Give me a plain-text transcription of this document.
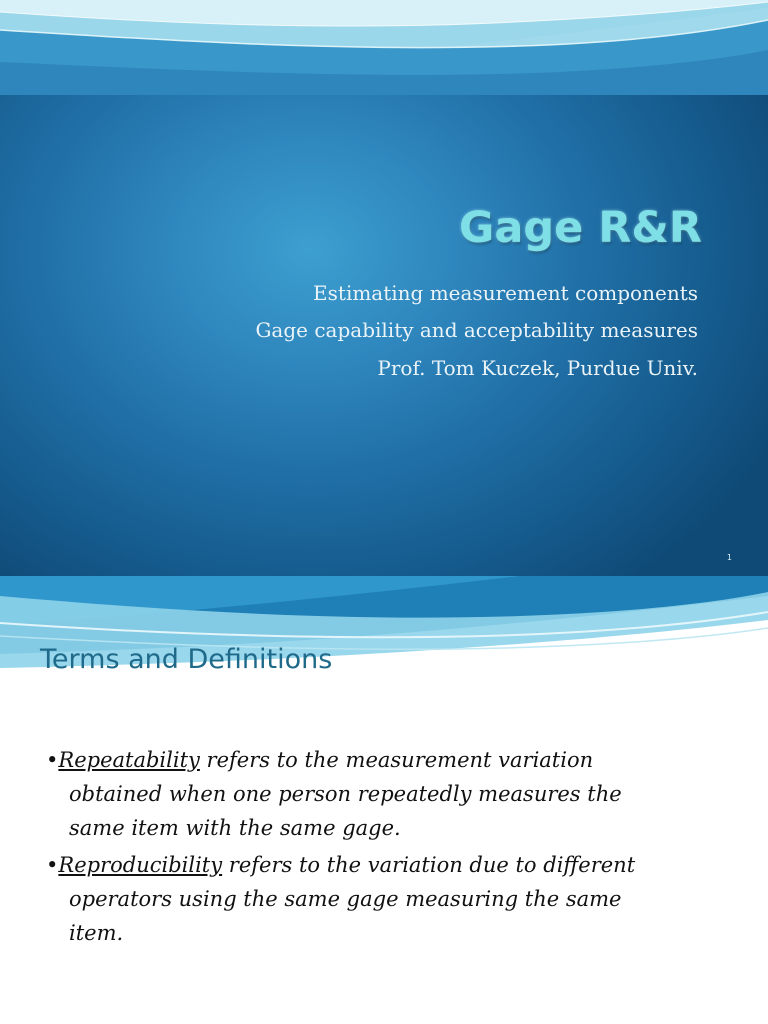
Gage R&R
Estimating measurement components
Gage capability and acceptability measures
Prof. Tom Kuczek, Purdue Univ.
1
Terms and Definitions
•Repeatability refers to the measurement variation
obtained when one person repeatedly measures the
same item with the same gage.
•Reproducibility refers to the variation due to different
operators using the same gage measuring the same
item.
